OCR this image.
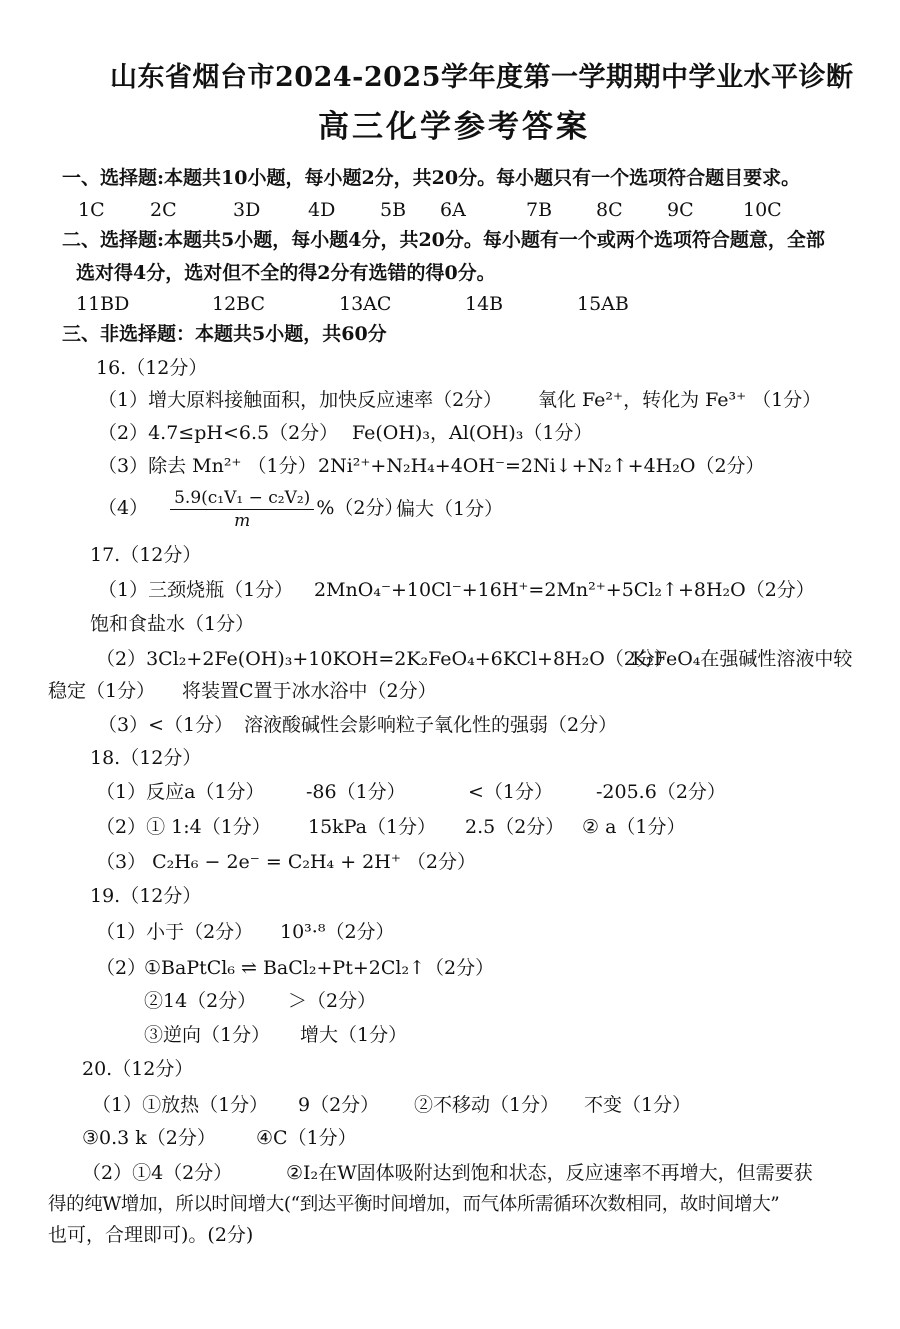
山东省烟台市2024-2025学年度第一学期期中学业水平诊断
高三化学参考答案
一、选择题:本题共10小题，每小题2分，共20分。每小题只有一个选项符合题目要求。
1C 2C	3D	4D 5B 6A	7B 8C 9C	10C
二、选择题:本题共5小题，每小题4分，共20分。每小题有一个或两个选项符合题意，全部
选对得4分，选对但不全的得2分有选错的得0分。
11BD	12BC	13AC	14B	15AB
三、非选择题：本题共5小题，共60分
16.（12分）
（1）增大原料接触面积，加快反应速率（2分） 氧化 Fe²⁺，转化为 Fe³⁺ （1分）
（2）4.7≤pH<6.5（2分） Fe(OH)₃，Al(OH)₃（1分）
（3）除去 Mn²⁺ （1分） 2Ni²⁺+N₂H₄+4OH⁻=2Ni↓+N₂↑+4H₂O（2分）
$(4) \frac{\text{5.9(c₁V₁ − c₂V₂)}}{m} \%(2$分）
偏大（1分）
17.（12分）
（1）三颈烧瓶（1分） 2MnO₄⁻+10Cl⁻+16H⁺=2Mn²⁺+5Cl₂↑+8H₂O（2分）
饱和食盐水（1分）
（2）3Cl₂+2Fe(OH)₃+10KOH=2K₂FeO₄+6KCl+8H₂O（2分）
K₂FeO₄在强碱性溶液中较
稳定（1分） 将装置C置于冰水浴中（2分）
（3）<（1分） 溶液酸碱性会影响粒子氧化性的强弱（2分）
18.（12分）
（1）反应a（1分） -86（1分）	<（1分） -205.6（2分）
（2）① 1:4（1分） 15kPa（1分） 2.5（2分） ② a（1分）
（3） C₂H₆ − 2e⁻ = C₂H₄ + 2H⁺ （2分）
19.（12分）
（1）小于（2分） 10³·⁸（2分）
（2）
①BaPtCl₆ ⇌ BaCl₂+Pt+2Cl₂↑（2分）
②14（2分） ＞（2分）
③逆向（1分） 增大（1分）
20.（12分）
（1）①放热（1分） 9（2分） ②不移动（1分） 不变（1分）
③0.3 k（2分） ④C（1分）
（2）①4（2分）	②I₂在W固体吸附达到饱和状态，反应速率不再增大，但需要获
得的纯W增加，所以时间增大(“到达平衡时间增加，而气体所需循环次数相同，故时间增大”
也可，合理即可)。(2分)
